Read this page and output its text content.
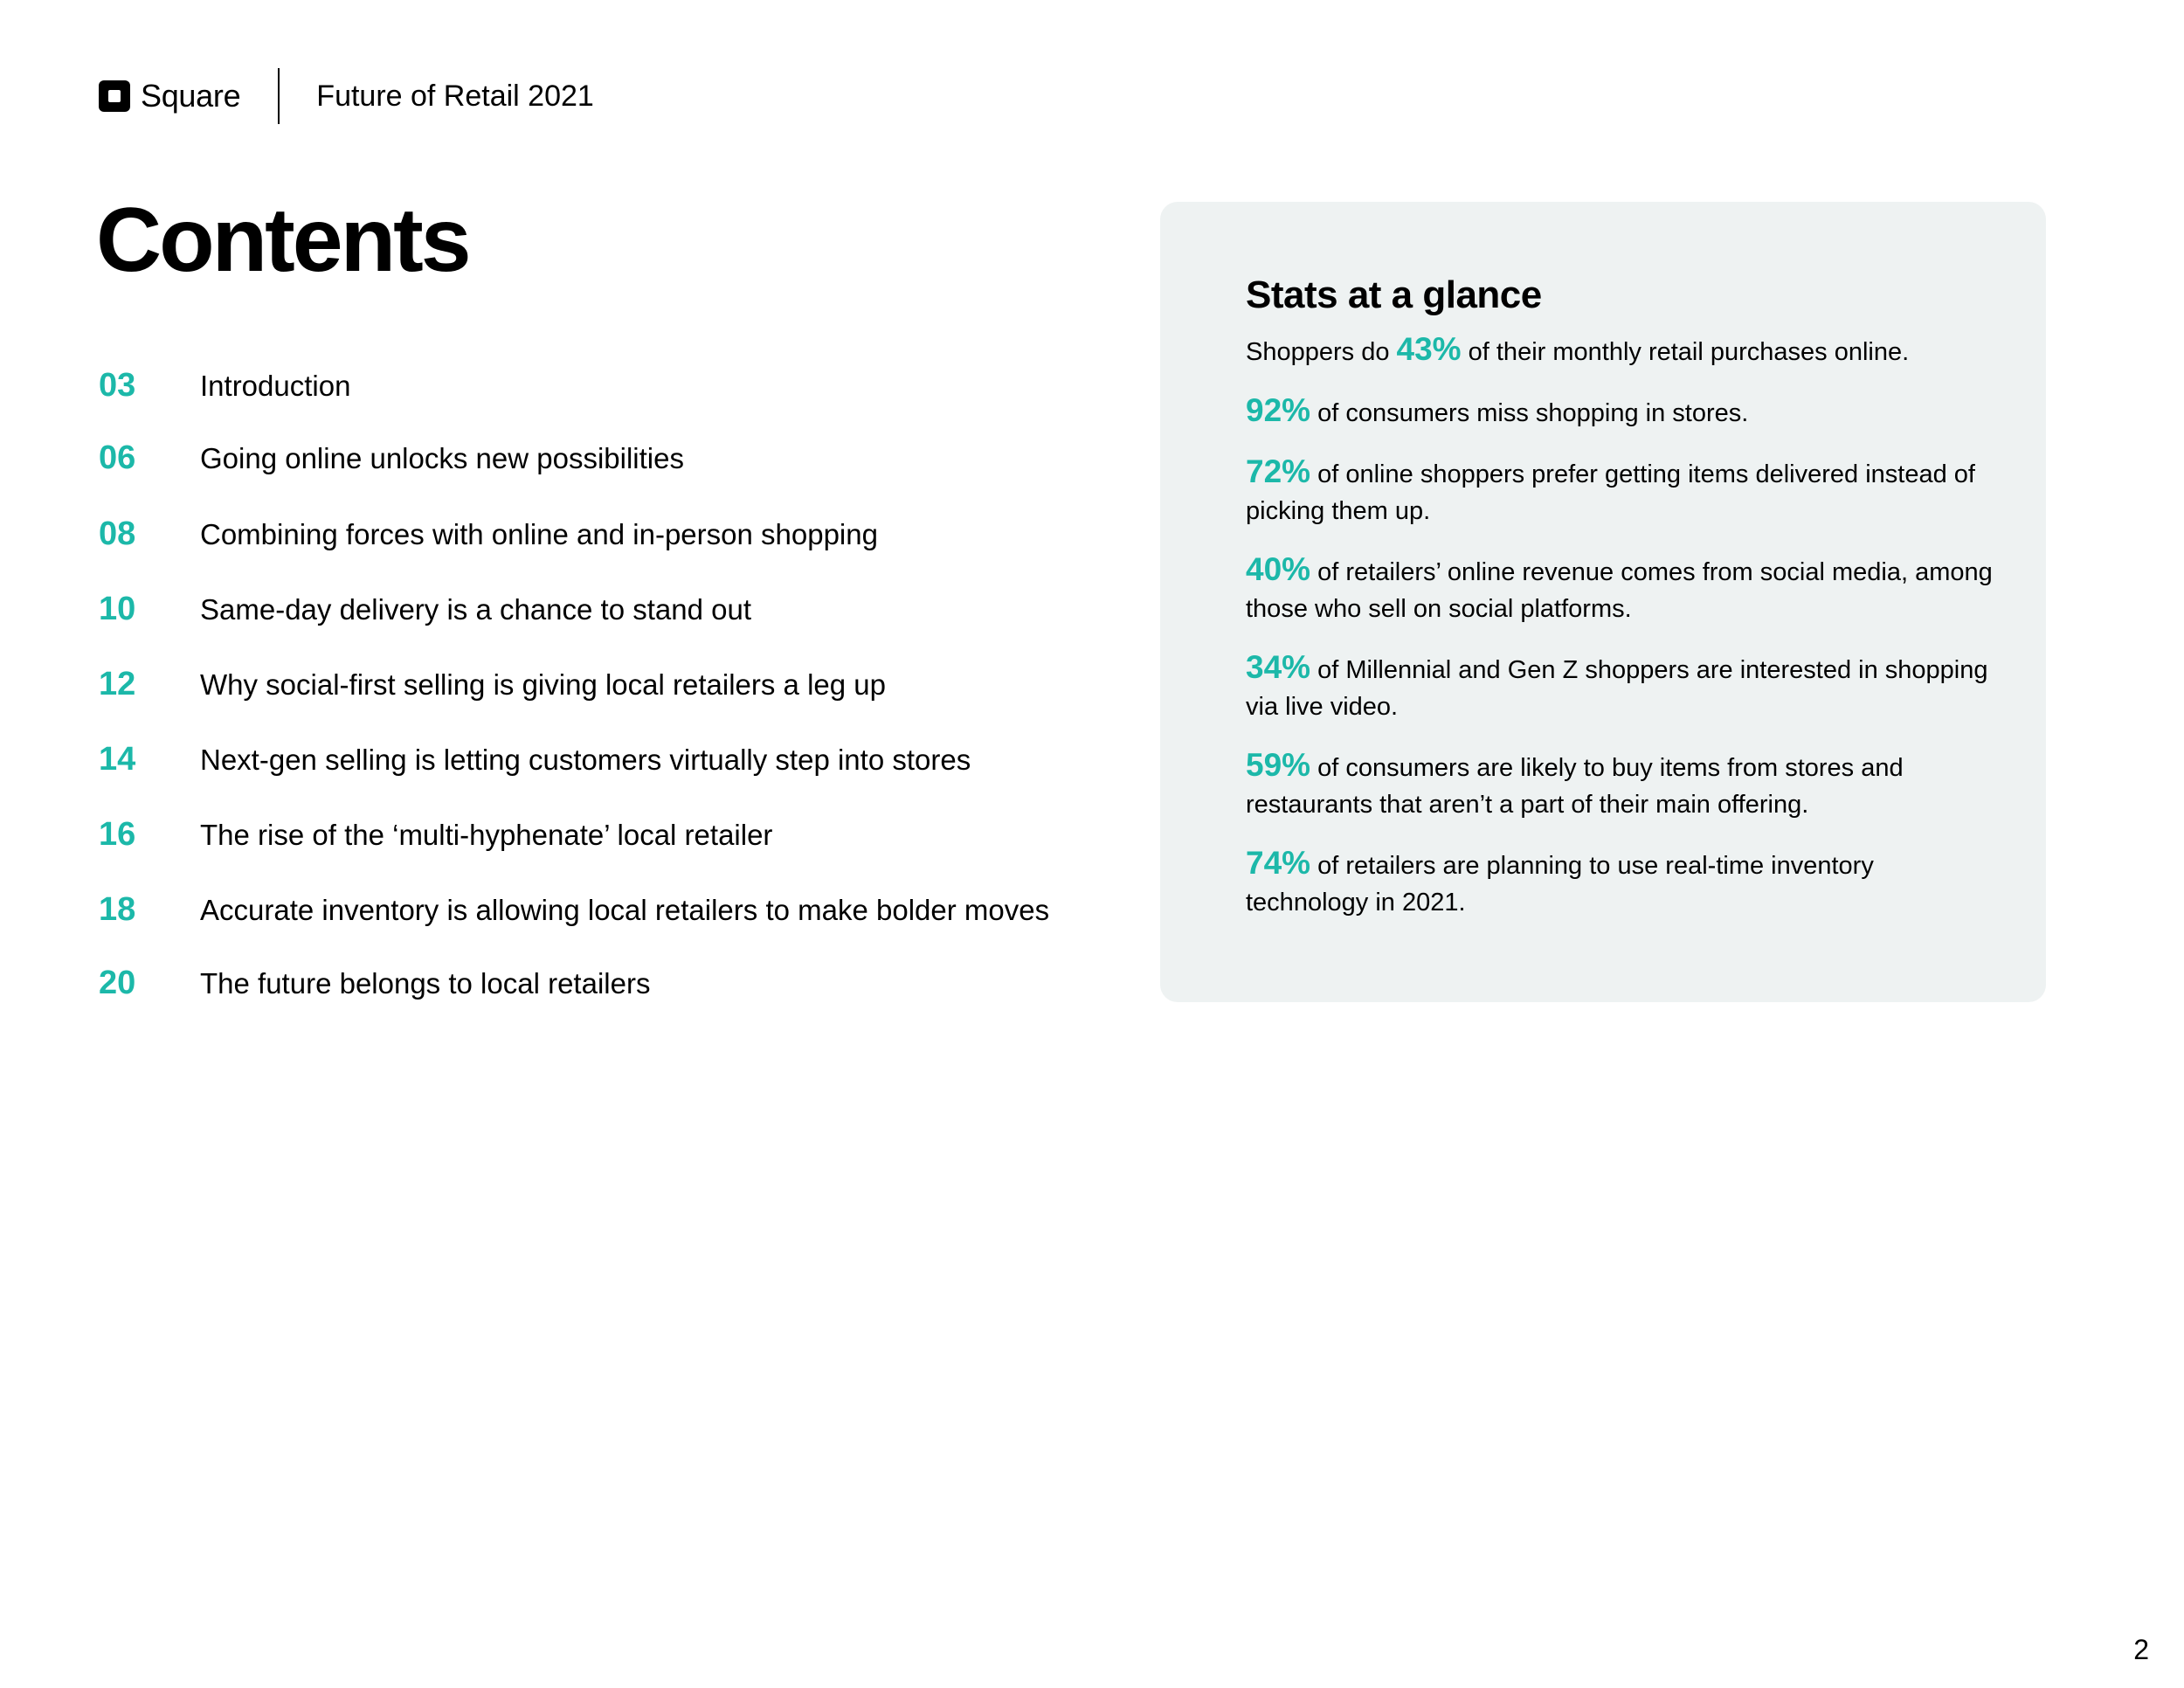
Square	Future of Retail 2021
Contents
03	Introduction
06	Going online unlocks new possibilities
08	Combining forces with online and in-person shopping
10	Same-day delivery is a chance to stand out
12	Why social-first selling is giving local retailers a leg up
14	Next-gen selling is letting customers virtually step into stores
16	The rise of the ‘multi-hyphenate’ local retailer
18	Accurate inventory is allowing local retailers to make bolder moves
20	The future belongs to local retailers
Stats at a glance

Shoppers do 43% of their monthly retail purchases online.

92% of consumers miss shopping in stores.

72% of online shoppers prefer getting items delivered instead of picking them up.

40% of retailers’ online revenue comes from social media, among those who sell on social platforms.

34% of Millennial and Gen Z shoppers are interested in shopping via live video.

59% of consumers are likely to buy items from stores and restaurants that aren’t a part of their main offering.

74% of retailers are planning to use real-time inventory technology in 2021.

2
